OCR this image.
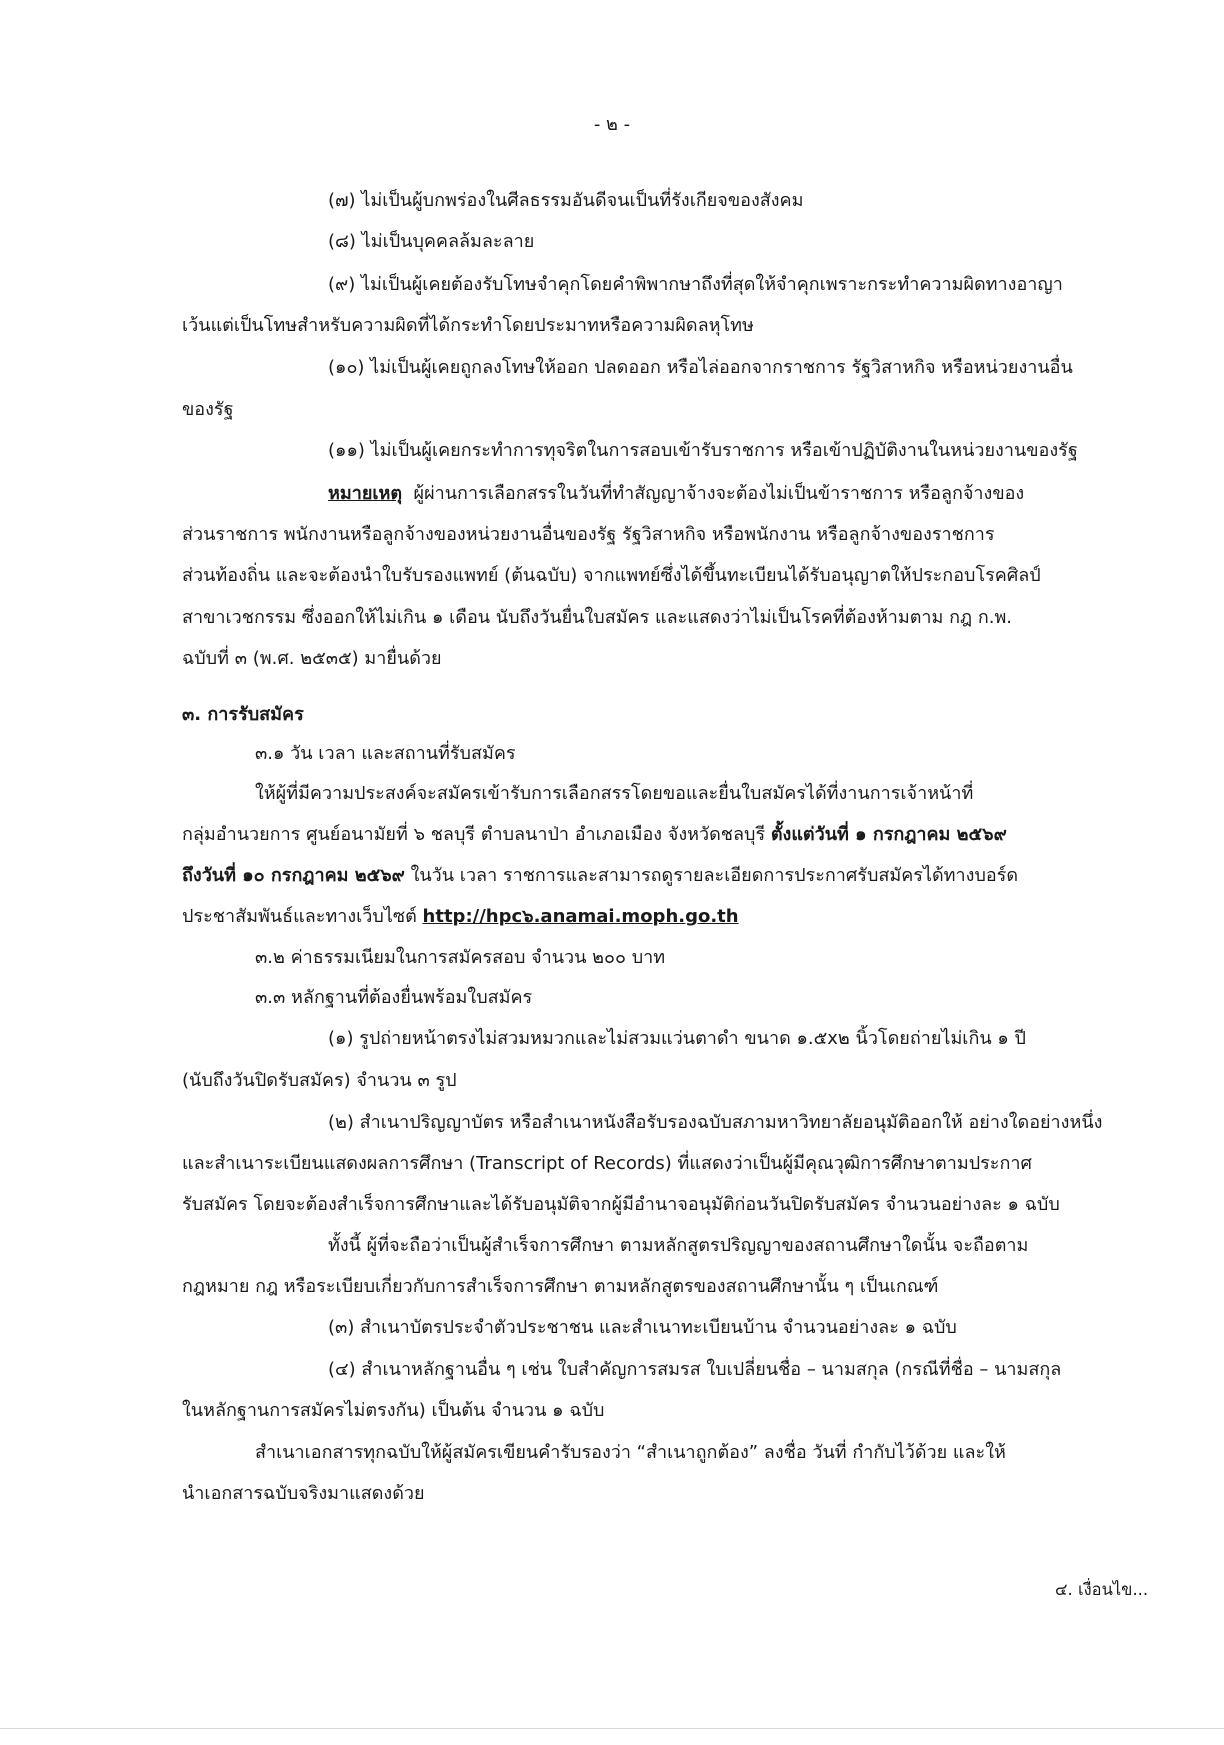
- ๒ -
(๗) ไม่เป็นผู้บกพร่องในศีลธรรมอันดีจนเป็นที่รังเกียจของสังคม
(๘) ไม่เป็นบุคคลล้มละลาย
(๙) ไม่เป็นผู้เคยต้องรับโทษจำคุกโดยคำพิพากษาถึงที่สุดให้จำคุกเพราะกระทำความผิดทางอาญา
เว้นแต่เป็นโทษสำหรับความผิดที่ได้กระทำโดยประมาทหรือความผิดลหุโทษ
(๑๐) ไม่เป็นผู้เคยถูกลงโทษให้ออก ปลดออก หรือไล่ออกจากราชการ รัฐวิสาหกิจ หรือหน่วยงานอื่น
ของรัฐ
(๑๑) ไม่เป็นผู้เคยกระทำการทุจริตในการสอบเข้ารับราชการ หรือเข้าปฏิบัติงานในหน่วยงานของรัฐ
หมายเหตุ ผู้ผ่านการเลือกสรรในวันที่ทำสัญญาจ้างจะต้องไม่เป็นข้าราชการ หรือลูกจ้างของ
ส่วนราชการ พนักงานหรือลูกจ้างของหน่วยงานอื่นของรัฐ รัฐวิสาหกิจ หรือพนักงาน หรือลูกจ้างของราชการ
ส่วนท้องถิ่น และจะต้องนำใบรับรองแพทย์ (ต้นฉบับ) จากแพทย์ซึ่งได้ขึ้นทะเบียนได้รับอนุญาตให้ประกอบโรคศิลป์
สาขาเวชกรรม ซึ่งออกให้ไม่เกิน ๑ เดือน นับถึงวันยื่นใบสมัคร และแสดงว่าไม่เป็นโรคที่ต้องห้ามตาม กฎ ก.พ.
ฉบับที่ ๓ (พ.ศ. ๒๕๓๕) มายื่นด้วย
๓. การรับสมัคร
๓.๑ วัน เวลา และสถานที่รับสมัคร
ให้ผู้ที่มีความประสงค์จะสมัครเข้ารับการเลือกสรรโดยขอและยื่นใบสมัครได้ที่งานการเจ้าหน้าที่
กลุ่มอำนวยการ ศูนย์อนามัยที่ ๖ ชลบุรี ตำบลนาป่า อำเภอเมือง จังหวัดชลบุรี ตั้งแต่วันที่ ๑ กรกฎาคม ๒๕๖๙
ถึงวันที่ ๑๐ กรกฎาคม ๒๕๖๙ ในวัน เวลา ราชการและสามารถดูรายละเอียดการประกาศรับสมัครได้ทางบอร์ด
ประชาสัมพันธ์และทางเว็บไซต์ http://hpc๖.anamai.moph.go.th
๓.๒ ค่าธรรมเนียมในการสมัครสอบ จำนวน ๒๐๐ บาท
๓.๓ หลักฐานที่ต้องยื่นพร้อมใบสมัคร
(๑) รูปถ่ายหน้าตรงไม่สวมหมวกและไม่สวมแว่นตาดำ ขนาด ๑.๕x๒ นิ้วโดยถ่ายไม่เกิน ๑ ปี
(นับถึงวันปิดรับสมัคร) จำนวน ๓ รูป
(๒) สำเนาปริญญาบัตร หรือสำเนาหนังสือรับรองฉบับสภามหาวิทยาลัยอนุมัติออกให้ อย่างใดอย่างหนึ่ง
และสำเนาระเบียนแสดงผลการศึกษา (Transcript of Records) ที่แสดงว่าเป็นผู้มีคุณวุฒิการศึกษาตามประกาศ
รับสมัคร โดยจะต้องสำเร็จการศึกษาและได้รับอนุมัติจากผู้มีอำนาจอนุมัติก่อนวันปิดรับสมัคร จำนวนอย่างละ ๑ ฉบับ
ทั้งนี้ ผู้ที่จะถือว่าเป็นผู้สำเร็จการศึกษา ตามหลักสูตรปริญญาของสถานศึกษาใดนั้น จะถือตาม
กฎหมาย กฎ หรือระเบียบเกี่ยวกับการสำเร็จการศึกษา ตามหลักสูตรของสถานศึกษานั้น ๆ เป็นเกณฑ์
(๓) สำเนาบัตรประจำตัวประชาชน และสำเนาทะเบียนบ้าน จำนวนอย่างละ ๑ ฉบับ
(๔) สำเนาหลักฐานอื่น ๆ เช่น ใบสำคัญการสมรส ใบเปลี่ยนชื่อ – นามสกุล (กรณีที่ชื่อ – นามสกุล
ในหลักฐานการสมัครไม่ตรงกัน) เป็นต้น จำนวน ๑ ฉบับ
สำเนาเอกสารทุกฉบับให้ผู้สมัครเขียนคำรับรองว่า “สำเนาถูกต้อง” ลงชื่อ วันที่ กำกับไว้ด้วย และให้
นำเอกสารฉบับจริงมาแสดงด้วย
๔. เงื่อนไข...
